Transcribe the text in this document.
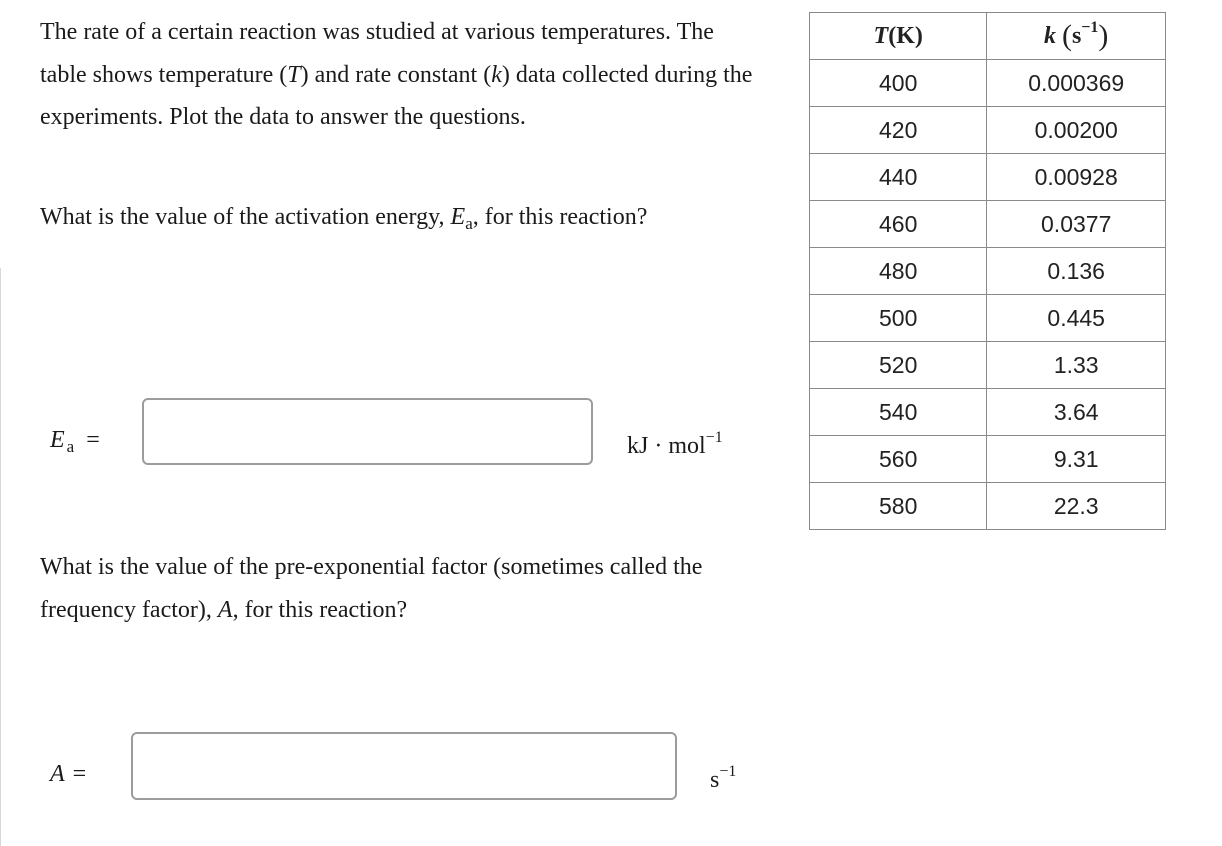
The rate of a certain reaction was studied at various temperatures. The table shows temperature (T) and rate constant (k) data collected during the experiments. Plot the data to answer the questions.

What is the value of the activation energy, $E_a$, for this reaction?

E $_a$ =	kJ · mol$^{-1}$

What is the value of the pre-exponential factor (sometimes called the frequency factor), A, for this reaction?

A =	$s^{-1}$
T(K)	k $(s^{-1})$
400	0.000369
420	0.00200
440	0.00928
460	0.0377
480	0.136
500	0.445
520	1.33
540	3.64
560	9.31
580	22.3
